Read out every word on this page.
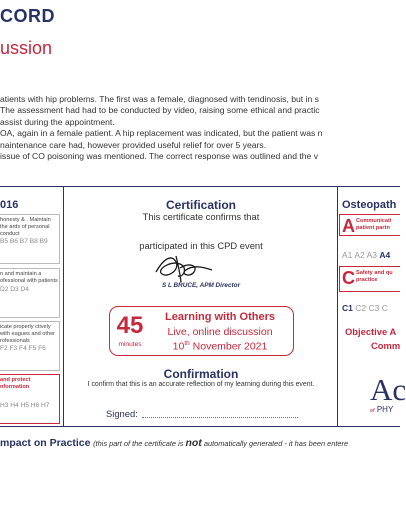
CORD
ussion
atients with hip problems. The first was a female, diagnosed with tendinosis, but in s
The assessment had had to be conducted by video, raising some ethical and practic
assist during the appointment.
OA, again in a female patient. A hip replacement was indicated, but the patient was n
naintenance care had, however provided useful relief for over 5 years.
issue of CO poisoning was mentioned. The correct response was outlined and the v
016
honesty & . Maintain the ards of personal conduct
B5 B6 B7 B8 B9
n and maintain a ofessional with patients
D2 D3 D4
icate properly ctively with eagues and other rofessionals
F2 F3 F4 F5 F6
and protect nformation
H3 H4 H5 H6 H7
Certification
This certificate confirms that
participated in this CPD event
S L BRUCE, APM Director
45
minutes
Learning with Others
Live, online discussion
10th November 2021
Confirmation
I confirm that this is an accurate reflection of my learning during this event.
Signed:
Osteopath
A Communicati
patient partn
A1 A2 A3 A4
C Safety and qu
practice
C1 C2 C3 C
Objective A
Comm
Ac
of PHY
mpact on Practice (this part of the certificate is not automatically generated - it has been entere
